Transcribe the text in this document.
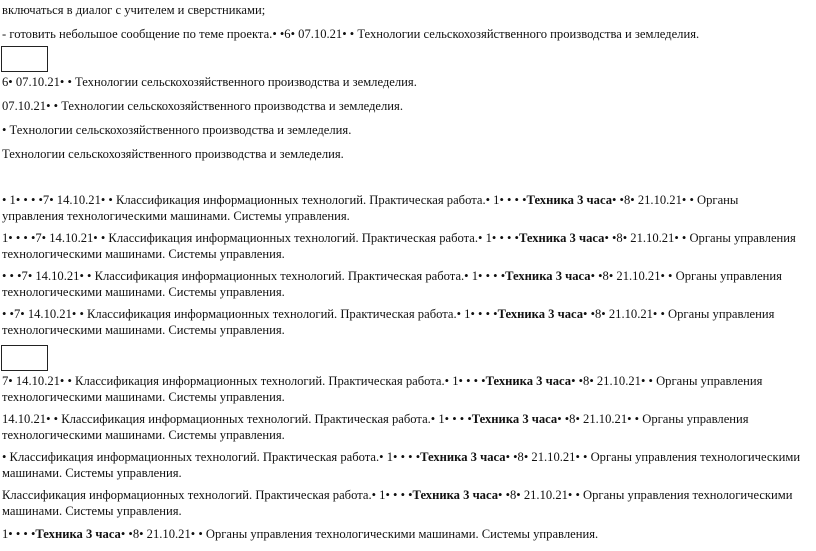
включаться в диалог с учителем и сверстниками;
- готовить небольшое сообщение по теме проекта.• •6• 07.10.21• • Технологии сельскохозяйственного производства и земледелия.
6• 07.10.21• • Технологии сельскохозяйственного производства и земледелия.
07.10.21• • Технологии сельскохозяйственного производства и земледелия.
• Технологии сельскохозяйственного производства и земледелия.
Технологии сельскохозяйственного производства и земледелия.
• 1• • • •7• 14.10.21• • Классификация информационных технологий. Практическая работа.• 1• • • •Техника 3 часа• •8• 21.10.21• • Органы управления технологическими машинами. Системы управления.
1• • • •7• 14.10.21• • Классификация информационных технологий. Практическая работа.• 1• • • •Техника 3 часа• •8• 21.10.21• • Органы управления технологическими машинами. Системы управления.
• • •7• 14.10.21• • Классификация информационных технологий. Практическая работа.• 1• • • •Техника 3 часа• •8• 21.10.21• • Органы управления технологическими машинами. Системы управления.
• •7• 14.10.21• • Классификация информационных технологий. Практическая работа.• 1• • • •Техника 3 часа• •8• 21.10.21• • Органы управления технологическими машинами. Системы управления.
7• 14.10.21• • Классификация информационных технологий. Практическая работа.• 1• • • •Техника 3 часа• •8• 21.10.21• • Органы управления технологическими машинами. Системы управления.
14.10.21• • Классификация информационных технологий. Практическая работа.• 1• • • •Техника 3 часа• •8• 21.10.21• • Органы управления технологическими машинами. Системы управления.
• Классификация информационных технологий. Практическая работа.• 1• • • •Техника 3 часа• •8• 21.10.21• • Органы управления технологическими машинами. Системы управления.
Классификация информационных технологий. Практическая работа.• 1• • • •Техника 3 часа• •8• 21.10.21• • Органы управления технологическими машинами. Системы управления.
1• • • •Техника 3 часа• •8• 21.10.21• • Органы управления технологическими машинами. Системы управления.
